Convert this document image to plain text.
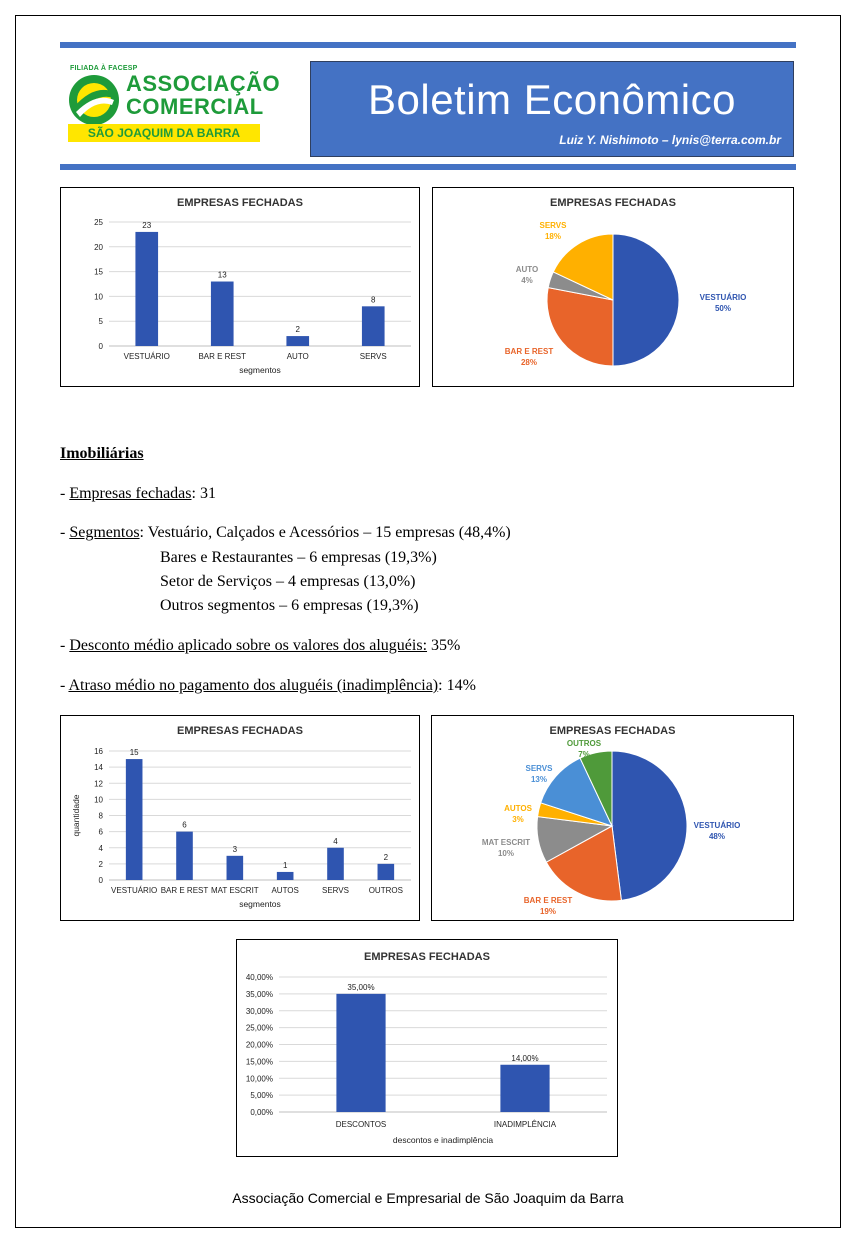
FILIADA À FACESP
ASSOCIAÇÃO
COMERCIAL
SÃO JOAQUIM DA BARRA
Boletim Econômico
Luiz Y. Nishimoto – lynis@terra.com.br
EMPRESAS FECHADAS
0
5
10
15
20
25	23
VESTUÁRIO
13
BAR E REST
2
AUTO
8
SERVS
segmentos
EMPRESAS FECHADAS
VESTUÁRIO
50%
BAR E REST
28%
AUTO
4%
SERVS
18%
Imobiliárias
- Empresas fechadas: 31
- Segmentos: Vestuário, Calçados e Acessórios – 15 empresas (48,4%)
Bares e Restaurantes – 6 empresas (19,3%)
Setor de Serviços – 4 empresas (13,0%)
Outros segmentos – 6 empresas (19,3%)
- Desconto médio aplicado sobre os valores dos aluguéis: 35%
- Atraso médio no pagamento dos aluguéis (inadimplência): 14%
EMPRESAS FECHADAS
0
2
4
6
8
10
12
14
16	15
VESTUÁRIO
6
BAR E REST
3
MAT ESCRIT
1
AUTOS
4
SERVS
2
OUTROS
segmentos
quantidade
EMPRESAS FECHADAS
VESTUÁRIO
48%
BAR E REST
19%
MAT ESCRIT
10%
AUTOS
3%
SERVS
13%
OUTROS
7%
EMPRESAS FECHADAS
0,00%
5,00%
10,00%
15,00%
20,00%
25,00%
30,00%
35,00%
40,00%
35,00%
DESCONTOS
14,00%
INADIMPLÊNCIA
descontos e inadimplência
Associação Comercial e Empresarial de São Joaquim da Barra
